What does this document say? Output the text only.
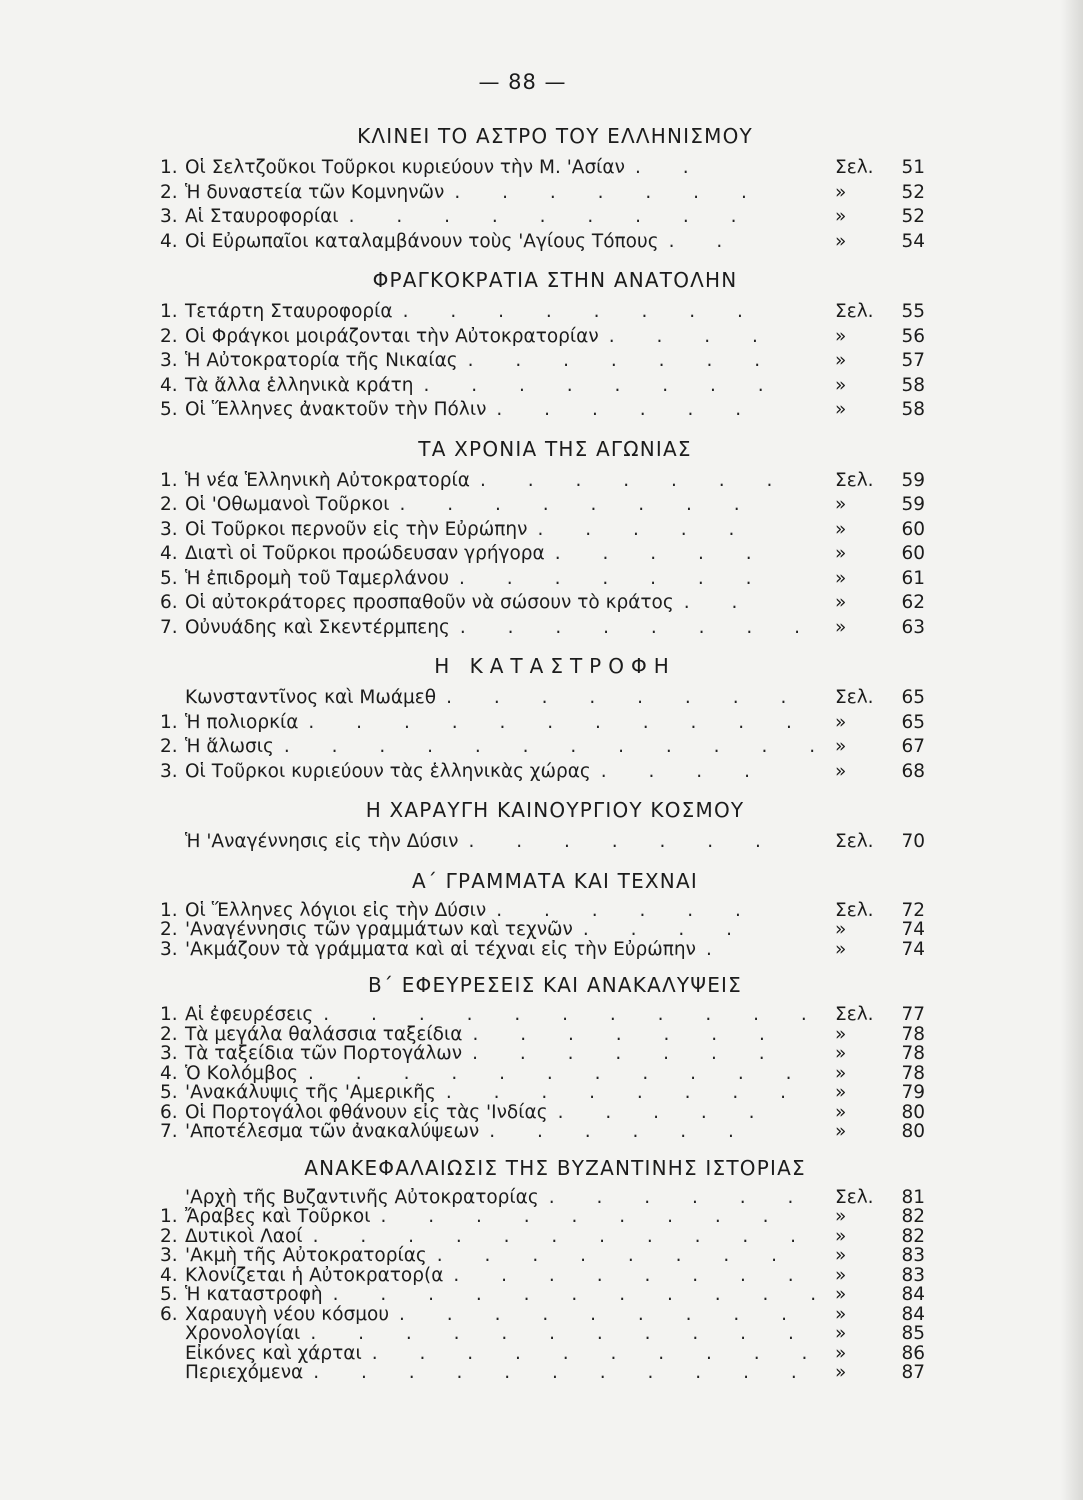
— 88 —
ΚΛΙΝΕΙ ΤΟ ΑΣΤΡΟ ΤΟΥ ΕΛΛΗΝΙΣΜΟΥ
1. Οἱ Σελτζοῦκοι Τοῦρκοι κυριεύουν τὴν Μ. 'Ασίαν . .	Σελ.	51
2. Ἡ δυναστεία τῶν Κομνηνῶν . . . . . . .	»	52
3. Αἱ Σταυροφορίαι . . . . . . . . .	»	52
4. Οἱ Εὐρωπαῖοι καταλαμβάνουν τοὺς 'Αγίους Τόπους . .	»	54
ΦΡΑΓΚΟΚΡΑΤΙΑ ΣΤΗΝ ΑΝΑΤΟΛΗΝ
1. Τετάρτη Σταυροφορία . . . . . . . .	Σελ.	55
2. Οἱ Φράγκοι μοιράζονται τὴν Αὐτοκρατορίαν . . . .	»	56
3. Ἡ Αὐτοκρατορία τῆς Νικαίας . . . . . . .	»	57
4. Τὰ ἄλλα ἑλληνικὰ κράτη . . . . . . . .	»	58
5. Οἱ Ἕλληνες ἀνακτοῦν τὴν Πόλιν . . . . . .	»	58
ΤΑ ΧΡΟΝΙΑ ΤΗΣ ΑΓΩΝΙΑΣ
1. Ἡ νέα Ἑλληνικὴ Αὐτοκρατορία . . . . . . .	Σελ.	59
2. Οἱ 'Οθωμανοὶ Τοῦρκοι . . . . . . . .	»	59
3. Οἱ Τοῦρκοι περνοῦν εἰς τὴν Εὐρώπην . . . . .	»	60
4. Διατὶ οἱ Τοῦρκοι προώδευσαν γρήγορα . . . . .	»	60
5. Ἡ ἐπιδρομὴ τοῦ Ταμερλάνου . . . . . . .	»	61
6. Οἱ αὐτοκράτορες προσπαθοῦν νὰ σώσουν τὸ κράτος . .	»	62
7. Οὐνυάδης καὶ Σκεντέρμπεης . . . . . . . . »	63
Η ΚΑΤΑΣΤΡΟΦΗ
Κωνσταντῖνος καὶ Μωάμεθ . . . . . . . .	Σελ.	65
1. Ἡ πολιορκία . . . . . . . . . . .	»	65
2. Ἡ ἅλωσις . . . . . . . . . . . . »	67
3. Οἱ Τοῦρκοι κυριεύουν τὰς ἑλληνικὰς χώρας . . . .	»	68
Η ΧΑΡΑΥΓΗ ΚΑΙΝΟΥΡΓΙΟΥ ΚΟΣΜΟΥ
Ἡ 'Αναγέννησις εἰς τὴν Δύσιν . . . . . . .	Σελ.	70
Α΄ ΓΡΑΜΜΑΤΑ ΚΑΙ ΤΕΧΝΑΙ
1. Οἱ Ἕλληνες λόγιοι εἰς τὴν Δύσιν . . . . . .	Σελ.	72
2. 'Αναγέννησις τῶν γραμμάτων καὶ τεχνῶν . . . .	»	74
3. 'Ακμάζουν τὰ γράμματα καὶ αἱ τέχναι εἰς τὴν Εὐρώπην .	»	74
Β΄ ΕΦΕΥΡΕΣΕΙΣ ΚΑΙ ΑΝΑΚΑΛΥΨΕΙΣ
1. Αἱ ἐφευρέσεις . . . . . . . . . . . Σελ.	77
2. Τὰ μεγάλα θαλάσσια ταξείδια . . . . . . .	»	78
3. Τὰ ταξείδια τῶν Πορτογάλων . . . . . . .	»	78
4. Ὁ Κολόμβος . . . . . . . . . . .	»	78
5. 'Ανακάλυψις τῆς 'Αμερικῆς . . . . . . . .	»	79
6. Οἱ Πορτογάλοι φθάνουν εἰς τὰς 'Ινδίας . . . . .	»	80
7. 'Αποτέλεσμα τῶν ἀνακαλύψεων . . . . . .	»	80
ΑΝΑΚΕΦΑΛΑΙΩΣΙΣ ΤΗΣ ΒΥΖΑΝΤΙΝΗΣ ΙΣΤΟΡΙΑΣ
'Αρχὴ τῆς Βυζαντινῆς Αὐτοκρατορίας . . . . . .	Σελ.	81
1. Ἄραβες καὶ Τοῦρκοι . . . . . . . . .	»	82
2. Δυτικοὶ Λαοί . . . . . . . . . . .	»	82
3. 'Ακμὴ τῆς Αὐτοκρατορίας . . . . . . . .	»	83
4. Κλονίζεται ἡ Αὐτοκρατορ(α . . . . . . . .	»	83
5. Ἡ καταστροφὴ . . . . . . . . . . . »	84
6. Χαραυγὴ νέου κόσμου . . . . . . . . .	»	84
Χρονολογίαι . . . . . . . . . . .	»	85
Εἰκόνες καὶ χάρται . . . . . . . . . . »	86
Περιεχόμενα . . . . . . . . . . .	»	87
